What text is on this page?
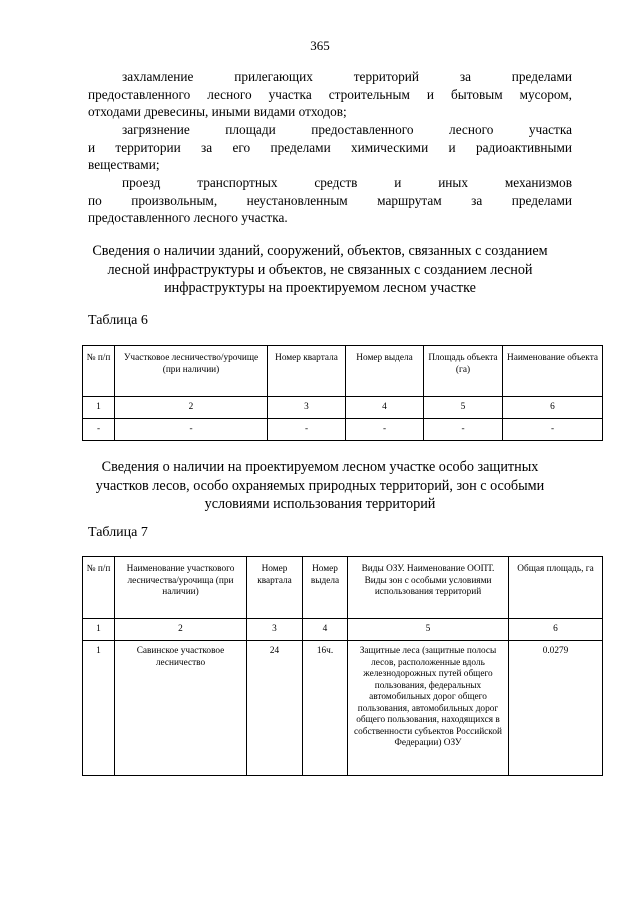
365
захламление прилегающих территорий за пределами
предоставленного лесного участка строительным и бытовым мусором,
отходами древесины, иными видами отходов;
загрязнение площади предоставленного лесного участка
и территории за его пределами химическими и радиоактивными
веществами;
проезд транспортных средств и иных механизмов
по произвольным, неустановленным маршрутам за пределами
предоставленного лесного участка.
Сведения о наличии зданий, сооружений, объектов, связанных с созданием
лесной инфраструктуры и объектов, не связанных с созданием лесной
инфраструктуры на проектируемом лесном участке
Таблица 6
№ п/п	Участковое лесничество/урочище (при наличии)	Номер квартала	Номер выдела	Площадь объекта (га)	Наименование объекта
1	2	3	4	5	6
-	-	-	-	-	-
Сведения о наличии на проектируемом лесном участке особо защитных
участков лесов, особо охраняемых природных территорий, зон с особыми
условиями использования территорий
Таблица 7
№ п/п	Наименование участкового лесничества/урочища (при наличии)	Номер квартала	Номер выдела	Виды ОЗУ. Наименование ООПТ. Виды зон с особыми условиями использования территорий	Общая площадь, га
1	2	3	4	5	6
1	Савинское участковое лесничество	24	16ч.	Защитные леса (защитные полосы лесов, расположенные вдоль железнодорожных путей общего пользования, федеральных автомобильных дорог общего пользования, автомобильных дорог общего пользования, находящихся в собственности субъектов Российской Федерации) ОЗУ	0.0279
